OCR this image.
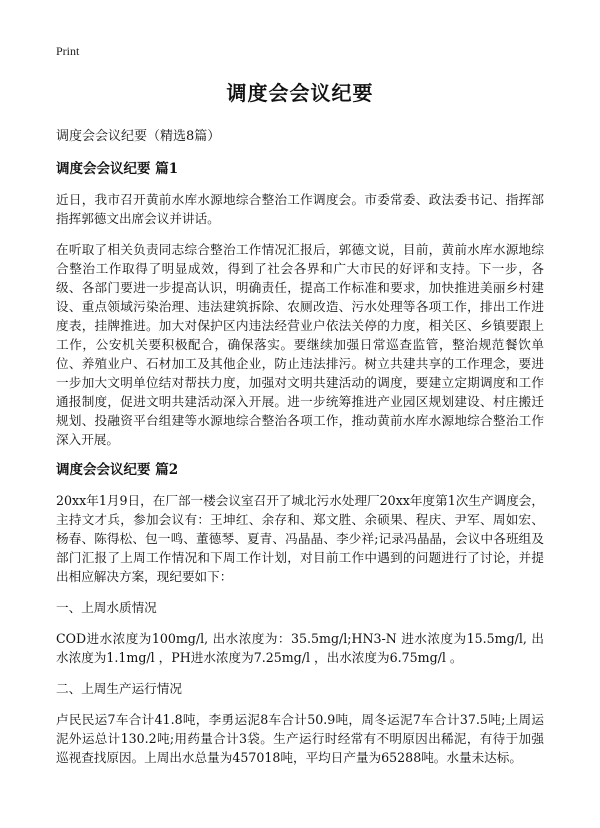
Print
调度会会议纪要
调度会会议纪要（精选8篇）
调度会会议纪要 篇1

近日，我市召开黄前水库水源地综合整治工作调度会。市委常委、政法委书记、指挥部指挥郭德文出席会议并讲话。

在听取了相关负责同志综合整治工作情况汇报后，郭德文说，目前，黄前水库水源地综合整治工作取得了明显成效，得到了社会各界和广大市民的好评和支持。下一步，各级、各部门要进一步提高认识，明确责任，提高工作标准和要求，加快推进美丽乡村建设、重点领域污染治理、违法建筑拆除、农厕改造、污水处理等各项工作，排出工作进度表，挂牌推进。加大对保护区内违法经营业户依法关停的力度，相关区、乡镇要跟上工作，公安机关要积极配合，确保落实。要继续加强日常巡查监管，整治规范餐饮单位、养殖业户、石材加工及其他企业，防止违法排污。树立共建共享的工作理念，要进一步加大文明单位结对帮扶力度，加强对文明共建活动的调度，要建立定期调度和工作通报制度，促进文明共建活动深入开展。进一步统筹推进产业园区规划建设、村庄搬迁规划、投融资平台组建等水源地综合整治各项工作，推动黄前水库水源地综合整治工作深入开展。

调度会会议纪要 篇2

20xx年1月9日，在厂部一楼会议室召开了城北污水处理厂20xx年度第1次生产调度会，主持文才兵，参加会议有：王坤红、余存和、郑文胜、余硕果、程庆、尹军、周如宏、杨春、陈得松、包一鸣、董德琴、夏青、冯晶晶、李少祥;记录冯晶晶，会议中各班组及部门汇报了上周工作情况和下周工作计划，对目前工作中遇到的问题进行了讨论，并提出相应解决方案，现纪要如下：

一、上周水质情况

COD进水浓度为100mg/l, 出水浓度为：35.5mg/l;HN3-N 进水浓度为15.5mg/l, 出水浓度为1.1mg/l ，PH进水浓度为7.25mg/l ，出水浓度为6.75mg/l 。

二、上周生产运行情况

卢民民运7车合计41.8吨，李勇运泥8车合计50.9吨，周冬运泥7车合计37.5吨;上周运泥外运总计130.2吨;用药量合计3袋。生产运行时经常有不明原因出稀泥，有待于加强巡视查找原因。上周出水总量为457018吨，平均日产量为65288吨。水量未达标。
